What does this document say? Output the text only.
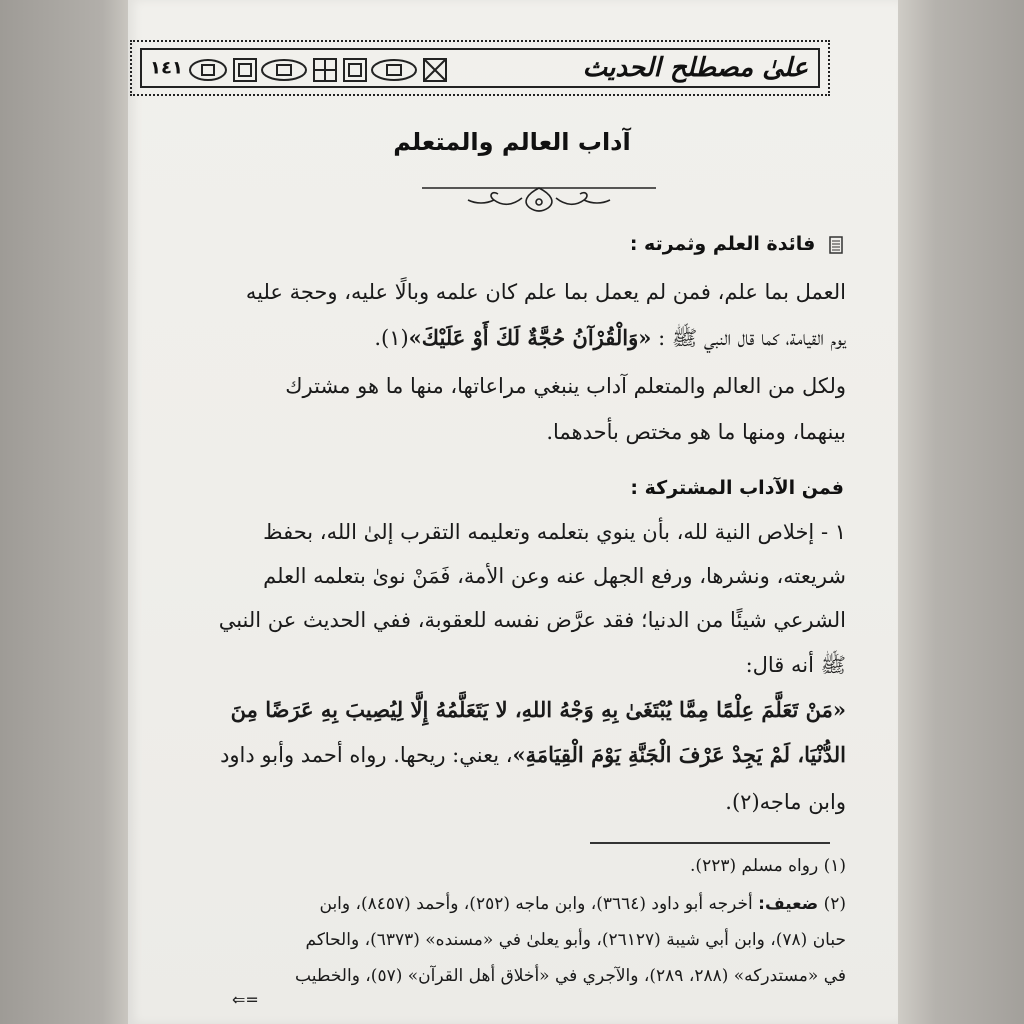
١٤١	علىٰ مصطلح الحديث
آداب العالم والمتعلم
فائدة العلم وثمرته :
العمل بما علم، فمن لم يعمل بما علم كان علمه وبالًا عليه، وحجة عليه
يوم القيامة، كما قال النبي ﷺ : «وَالْقُرْآنُ حُجَّةٌ لَكَ أَوْ عَلَيْكَ»(١).
ولكل من العالم والمتعلم آداب ينبغي مراعاتها، منها ما هو مشترك
بينهما، ومنها ما هو مختص بأحدهما.
فمن الآداب المشتركة :
١ - إخلاص النية لله، بأن ينوي بتعلمه وتعليمه التقرب إلىٰ الله، بحفظ
شريعته، ونشرها، ورفع الجهل عنه وعن الأمة، فَمَنْ نوىٰ بتعلمه العلم
الشرعي شيئًا من الدنيا؛ فقد عرَّض نفسه للعقوبة، ففي الحديث عن النبي
ﷺ أنه قال:
«مَنْ تَعَلَّمَ عِلْمًا مِمَّا يُبْتَغَىٰ بِهِ وَجْهُ اللهِ، لا يَتَعَلَّمُهُ إِلَّا لِيُصِيبَ بِهِ عَرَضًا مِنَ
الدُّنْيَا، لَمْ يَجِدْ عَرْفَ الْجَنَّةِ يَوْمَ الْقِيَامَةِ»، يعني: ريحها. رواه أحمد وأبو داود
وابن ماجه(٢).
(١) رواه مسلم (٢٢٣).
(٢) ضعيف: أخرجه أبو داود (٣٦٦٤)، وابن ماجه (٢٥٢)، وأحمد (٨٤٥٧)، وابن
حبان (٧٨)، وابن أبي شيبة (٢٦١٢٧)، وأبو يعلىٰ في «مسنده» (٦٣٧٣)، والحاكم
في «مستدركه» (٢٨٨، ٢٨٩)، والآجري في «أخلاق أهل القرآن» (٥٧)، والخطيب
⇐=
